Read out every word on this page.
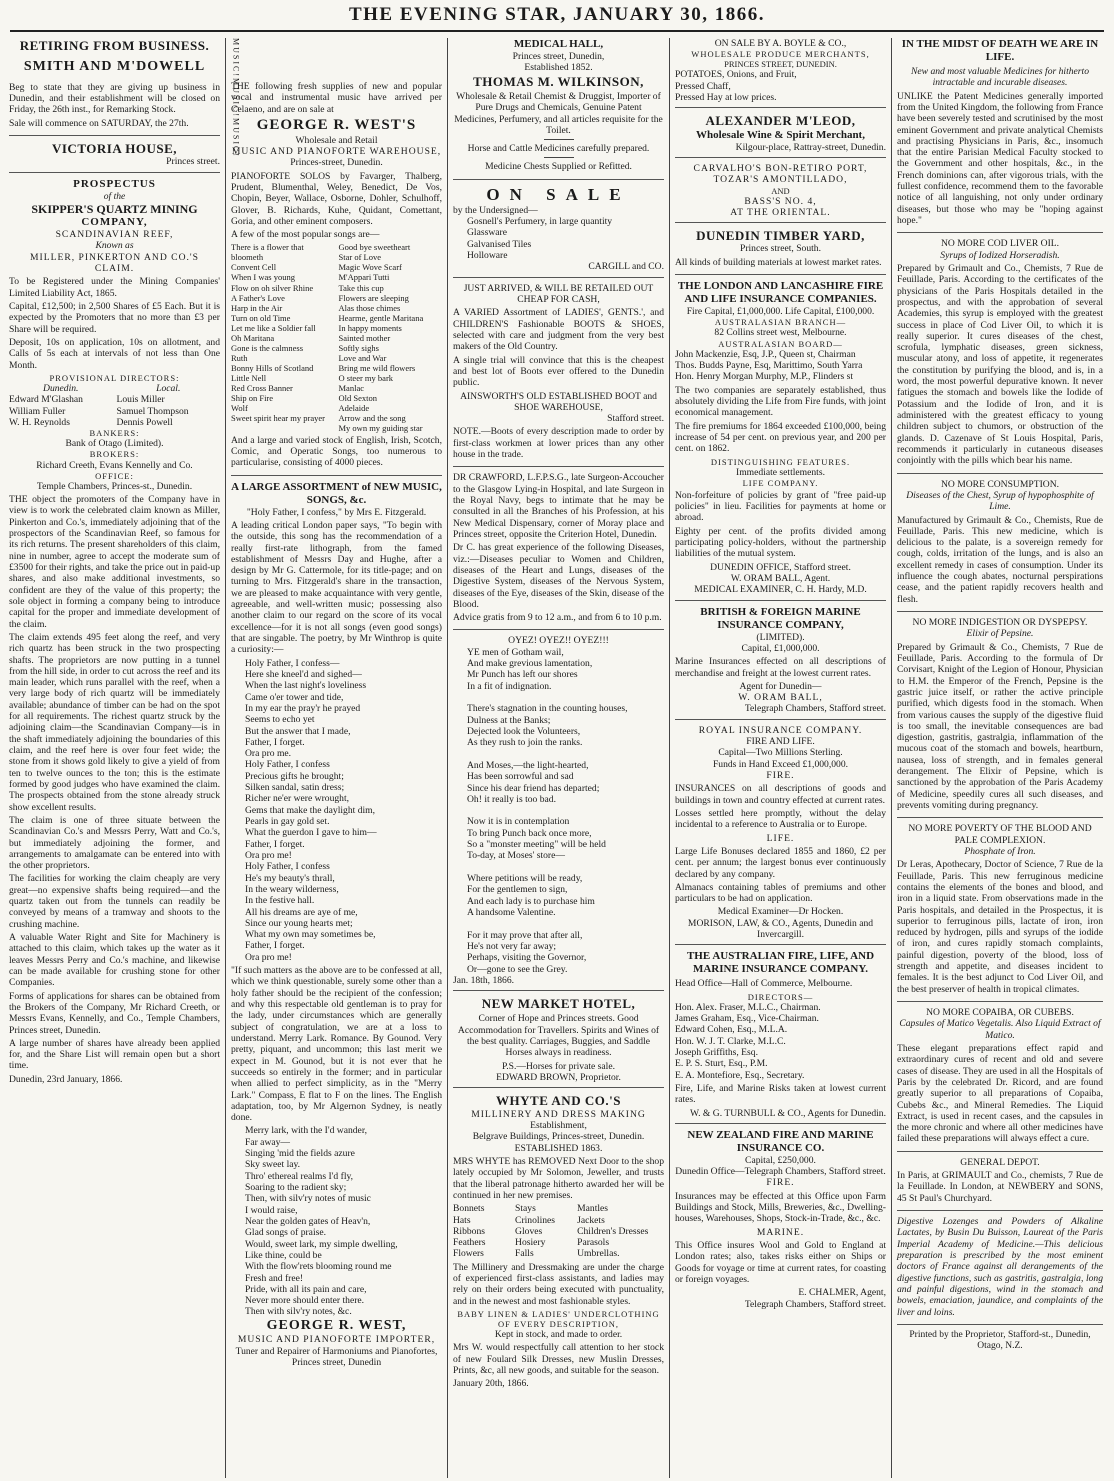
THE EVENING STAR, JANUARY 30, 1866.
RETIRING FROM BUSINESS.
SMITH AND M'DOWELL

Beg to state that they are giving up business in Dunedin, and their establishment will be closed on Friday, the 26th inst., for Remarking Stock.

Sale will commence on SATURDAY, the 27th.

VICTORIA HOUSE,
Princes street.
PROSPECTUS
of the
SKIPPER'S QUARTZ MINING
COMPANY,
SCANDINAVIAN REEF,
Known as
MILLER, PINKERTON AND CO.'S CLAIM.

To be Registered under the Mining Companies' Limited Liability Act, 1865.

Capital, £12,500; in 2,500 Shares of £5 Each. But it is expected by the Promoters that no more than £3 per Share will be required.

Deposit, 10s on application, 10s on allotment, and Calls of 5s each at intervals of not less than One Month.

PROVISIONAL DIRECTORS:
Dunedin.
Edward M'Glashan
William Fuller
W. H. Reynolds
Local.
Louis Miller
Samuel Thompson
Dennis Powell
BANKERS:
Bank of Otago (Limited).
BROKERS:
Richard Creeth, Evans Kennelly and Co.
OFFICE:
Temple Chambers, Princes-st., Dunedin.

THE object the promoters of the Company have in view is to work the celebrated claim known as Miller, Pinkerton and Co.'s, immediately adjoining that of the prospectors of the Scandinavian Reef, so famous for its rich returns. The present shareholders of this claim, nine in number, agree to accept the moderate sum of £3500 for their rights, and take the price out in paid-up shares, and also make additional investments, so confident are they of the value of this property; the sole object in forming a company being to introduce capital for the proper and immediate development of the claim.

The claim extends 495 feet along the reef, and very rich quartz has been struck in the two prospecting shafts. The proprietors are now putting in a tunnel from the hill side, in order to cut across the reef and its main leader, which runs parallel with the reef, when a very large body of rich quartz will be immediately available; abundance of timber can be had on the spot for all requirements. The richest quartz struck by the adjoining claim—the Scandinavian Company—is in the shaft immediately adjoining the boundaries of this claim, and the reef here is over four feet wide; the stone from it shows gold likely to give a yield of from ten to twelve ounces to the ton; this is the estimate formed by good judges who have examined the claim. The prospects obtained from the stone already struck show excellent results.

The claim is one of three situate between the Scandinavian Co.'s and Messrs Perry, Watt and Co.'s, but immediately adjoining the former, and arrangements to amalgamate can be entered into with the other proprietors.

The facilities for working the claim cheaply are very great—no expensive shafts being required—and the quartz taken out from the tunnels can readily be conveyed by means of a tramway and shoots to the crushing machine.

A valuable Water Right and Site for Machinery is attached to this claim, which takes up the water as it leaves Messrs Perry and Co.'s machine, and likewise can be made available for crushing stone for other Companies.

Forms of applications for shares can be obtained from the Brokers of the Company, Mr Richard Creeth, or Messrs Evans, Kennelly, and Co., Temple Chambers, Princes street, Dunedin.

A large number of shares have already been applied for, and the Share List will remain open but a short time.

Dunedin, 23rd January, 1866.
MUSIC!
MUSIC!
MUSIC!

THE following fresh supplies of new and popular vocal and instrumental music have arrived per Celaeno, and are on sale at

GEORGE R. WEST'S
Wholesale and Retail
MUSIC AND PIANOFORTE WAREHOUSE,
Princes-street, Dunedin.

PIANOFORTE SOLOS by Favarger, Thalberg, Prudent, Blumenthal, Weley, Benedict, De Vos, Chopin, Beyer, Wallace, Osborne, Dohler, Schulhoff, Glover, B. Richards, Kuhe, Quidant, Comettant, Goria, and other eminent composers.

A few of the most popular songs are—

There is a flower that bloometh
Convent Cell
When I was young
Flow on oh silver Rhine
A Father's Love
Harp in the Air
Turn on old Time
Let me like a Soldier fall
Oh Maritana
Gone is the calmness
Ruth
Bonny Hills of Scotland
Little Nell
Red Cross Banner
Ship on Fire
Wolf
Sweet spirit hear my prayer
Good bye sweetheart
Star of Love
Magic Wove Scarf
M'Appari Tutti
Take this cup
Flowers are sleeping
Alas those chimes
Hearme, gentle Maritana
In happy moments
Sainted mother
Softly sighs
Love and War
Bring me wild flowers
O steer my bark
Manlac
Old Sexton
Adelaide
Arrow and the song
My own my guiding star

And a large and varied stock of English, Irish, Scotch, Comic, and Operatic Songs, too numerous to particularise, consisting of 4000 pieces.

A LARGE ASSORTMENT of NEW MUSIC, SONGS, &c.
"Holy Father, I confess," by Mrs E. Fitzgerald.

A leading critical London paper says, "To begin with the outside, this song has the recommendation of a really first-rate lithograph, from the famed establishment of Messrs Day and Hughe, after a design by Mr G. Cattermole, for its title-page; and on turning to Mrs. Fitzgerald's share in the transaction, we are pleased to make acquaintance with very gentle, agreeable, and well-written music; possessing also another claim to our regard on the score of its vocal excellence—for it is not all songs (even good songs) that are singable. The poetry, by Mr Winthrop is quite a curiosity:—

Holy Father, I confess—
Here she kneel'd and sighed—
When the last night's loveliness
Came o'er tower and tide,
In my ear the pray'r he prayed
Seems to echo yet
But the answer that I made,
Father, I forget.
Ora pro me.
Holy Father, I confess
Precious gifts he brought;
Silken sandal, satin dress;
Richer ne'er were wrought,
Gems that make the daylight dim,
Pearls in gay gold set.
What the guerdon I gave to him—
Father, I forget.
Ora pro me!
Holy Father, I confess
He's my beauty's thrall,
In the weary wilderness,
In the festive hall.
All his dreams are aye of me,
Since our young hearts met;
What my own may sometimes be,
Father, I forget.
Ora pro me!

"If such matters as the above are to be confessed at all, which we think questionable, surely some other than a holy father should be the recipient of the confession; and why this respectable old gentleman is to pray for the lady, under circumstances which are generally subject of congratulation, we are at a loss to understand. Merry Lark. Romance. By Gounod. Very pretty, piquant, and uncommon; this last merit we expect in M. Gounod, but it is not ever that he succeeds so entirely in the former; and in particular when allied to perfect simplicity, as in the "Merry Lark." Compass, E flat to F on the lines. The English adaptation, too, by Mr Algernon Sydney, is neatly done.

Merry lark, with the I'd wander,
Far away—
Singing 'mid the fields azure
Sky sweet lay.
Thro' ethereal realms I'd fly,
Soaring to the radient sky;
Then, with silv'ry notes of music
I would raise,
Near the golden gates of Heav'n,
Glad songs of praise.
Would, sweet lark, my simple dwelling,
Like thine, could be
With the flow'rets blooming round me
Fresh and free!
Pride, with all its pain and care,
Never more should enter there.
Then with silv'ry notes, &c.
GEORGE R. WEST,
MUSIC AND PIANOFORTE IMPORTER,
Tuner and Repairer of Harmoniums and Pianofortes,
Princes street, Dunedin
MEDICAL HALL,
Princes street, Dunedin,
Established 1852.
THOMAS M. WILKINSON,

Wholesale & Retail Chemist & Druggist, Importer of Pure Drugs and Chemicals, Genuine Patent Medicines, Perfumery, and all articles requisite for the Toilet.

Horse and Cattle Medicines carefully prepared.

Medicine Chests Supplied or Refitted.

ON SALE
by the Undersigned—
Gosnell's Perfumery, in large quantity
Glassware
Galvanised Tiles
Holloware
CARGILL and CO.
JUST ARRIVED, & WILL BE RETAILED OUT CHEAP FOR CASH,

A VARIED Assortment of LADIES', GENTS.', and CHILDREN'S Fashionable BOOTS & SHOES, selected with care and judgment from the very best makers of the Old Country.

A single trial will convince that this is the cheapest and best lot of Boots ever offered to the Dunedin public.

AINSWORTH'S OLD ESTABLISHED BOOT and SHOE WAREHOUSE,
Stafford street.

NOTE.—Boots of every description made to order by first-class workmen at lower prices than any other house in the trade.

DR CRAWFORD, L.F.P.S.G., late Surgeon-Accoucher to the Glasgow Lying-in Hospital, and late Surgeon in the Royal Navy, begs to intimate that he may be consulted in all the Branches of his Profession, at his New Medical Dispensary, corner of Moray place and Princes street, opposite the Criterion Hotel, Dunedin.

Dr C. has great experience of the following Diseases, viz.:—Diseases peculiar to Women and Children, diseases of the Heart and Lungs, diseases of the Digestive System, diseases of the Nervous System, diseases of the Eye, diseases of the Skin, disease of the Blood.

Advice gratis from 9 to 12 a.m., and from 6 to 10 p.m.

OYEZ! OYEZ!! OYEZ!!!
YE men of Gotham wail,
And make grevious lamentation,
Mr Punch has left our shores
In a fit of indignation.

There's stagnation in the counting houses,
Dulness at the Banks;
Dejected look the Volunteers,
As they rush to join the ranks.

And Moses,—the light-hearted,
Has been sorrowful and sad
Since his dear friend has departed;
Oh! it really is too bad.

Now it is in contemplation
To bring Punch back once more,
So a "monster meeting" will be held
To-day, at Moses' store—

Where petitions will be ready,
For the gentlemen to sign,
And each lady is to purchase him
A handsome Valentine.

For it may prove that after all,
He's not very far away;
Perhaps, visiting the Governor,
Or—gone to see the Grey.
Jan. 18th, 1866.
NEW MARKET HOTEL,

Corner of Hope and Princes streets. Good Accommodation for Travellers. Spirits and Wines of the best quality. Carriages, Buggies, and Saddle Horses always in readiness.

P.S.—Horses for private sale.
EDWARD BROWN, Proprietor.
WHYTE AND CO.'S
MILLINERY AND DRESS MAKING
Establishment,
Belgrave Buildings, Princes-street, Dunedin.
ESTABLISHED 1863.

MRS WHYTE has REMOVED Next Door to the shop lately occupied by Mr Solomon, Jeweller, and trusts that the liberal patronage hitherto awarded her will be continued in her new premises.

Bonnets
Hats
Ribbons
Feathers
Flowers
Stays
Crinolines
Gloves
Hosiery
Falls
Mantles
Jackets
Children's Dresses
Parasols
Umbrellas.

The Millinery and Dressmaking are under the charge of experienced first-class assistants, and ladies may rely on their orders being executed with punctuality, and in the newest and most fashionable styles.

BABY LINEN & LADIES' UNDERCLOTHING OF EVERY DESCRIPTION,
Kept in stock, and made to order.

Mrs W. would respectfully call attention to her stock of new Foulard Silk Dresses, new Muslin Dresses, Prints, &c, all new goods, and suitable for the season.

January 20th, 1866.
ON SALE BY A. BOYLE & CO.,
WHOLESALE PRODUCE MERCHANTS,
PRINCES STREET, DUNEDIN.
POTATOES, Onions, and Fruit,
Pressed Chaff,
Pressed Hay at low prices.
ALEXANDER M'LEOD,
Wholesale Wine & Spirit Merchant,
Kilgour-place, Rattray-street, Dunedin.
CARVALHO'S BON-RETIRO PORT,
TOZAR'S AMONTILLADO,
AND
BASS'S NO. 4,
AT THE ORIENTAL.
DUNEDIN TIMBER YARD,
Princes street, South.

All kinds of building materials at lowest market rates.

THE LONDON AND LANCASHIRE FIRE AND LIFE INSURANCE COMPANIES.
Fire Capital, £1,000,000. Life Capital, £100,000.
AUSTRALASIAN BRANCH—
82 Collins street west, Melbourne.
AUSTRALASIAN BOARD—
John Mackenzie, Esq, J.P., Queen st, Chairman
Thos. Budds Payne, Esq, Marittimo, South Yarra
Hon. Henry Morgan Murphy, M.P., Flinders st

The two companies are separately established, thus absolutely dividing the Life from Fire funds, with joint economical management.

The fire premiums for 1864 exceeded £100,000, being increase of 54 per cent. on previous year, and 200 per cent. on 1862.

DISTINGUISHING FEATURES.
Immediate settlements.
LIFE COMPANY.

Non-forfeiture of policies by grant of "free paid-up policies" in lieu. Facilities for payments at home or abroad.

Eighty per cent. of the profits divided among participating policy-holders, without the partnership liabilities of the mutual system.

DUNEDIN OFFICE, Stafford street.
W. ORAM BALL, Agent.
MEDICAL EXAMINER, C. H. Hardy, M.D.
BRITISH & FOREIGN MARINE INSURANCE COMPANY,
(LIMITED).
Capital, £1,000,000.

Marine Insurances effected on all descriptions of merchandise and freight at the lowest current rates.

Agent for Dunedin—
W. ORAM BALL,
Telegraph Chambers, Stafford street.
ROYAL INSURANCE COMPANY.
FIRE AND LIFE.
Capital—Two Millions Sterling.
Funds in Hand Exceed £1,000,000.
FIRE.

INSURANCES on all descriptions of goods and buildings in town and country effected at current rates.

Losses settled here promptly, without the delay incidental to a reference to Australia or to Europe.

LIFE.

Large Life Bonuses declared 1855 and 1860, £2 per cent. per annum; the largest bonus ever continuously declared by any company.

Almanacs containing tables of premiums and other particulars to be had on application.

Medical Examiner—Dr Hocken.
MORISON, LAW, & CO., Agents, Dunedin and Invercargill.
THE AUSTRALIAN FIRE, LIFE, AND MARINE INSURANCE COMPANY.

Head Office—Hall of Commerce, Melbourne.

DIRECTORS—
Hon. Alex. Fraser, M.L.C., Chairman.
James Graham, Esq., Vice-Chairman.
Edward Cohen, Esq., M.L.A.
Hon. W. J. T. Clarke, M.L.C.
Joseph Griffiths, Esq.
E. P. S. Sturt, Esq., P.M.
E. A. Montefiore, Esq., Secretary.

Fire, Life, and Marine Risks taken at lowest current rates.

W. & G. TURNBULL & CO., Agents for Dunedin.
NEW ZEALAND FIRE AND MARINE INSURANCE CO.
Capital, £250,000.
Dunedin Office—Telegraph Chambers, Stafford street.
FIRE.

Insurances may be effected at this Office upon Farm Buildings and Stock, Mills, Breweries, &c., Dwelling-houses, Warehouses, Shops, Stock-in-Trade, &c., &c.

MARINE.

This Office insures Wool and Gold to England at London rates; also, takes risks either on Ships or Goods for voyage or time at current rates, for coasting or foreign voyages.

E. CHALMER, Agent,
Telegraph Chambers, Stafford street.
IN THE MIDST OF DEATH WE ARE IN LIFE.

New and most valuable Medicines for hitherto intractable and incurable diseases.

UNLIKE the Patent Medicines generally imported from the United Kingdom, the following from France have been severely tested and scrutinised by the most eminent Government and private analytical Chemists and practising Physicians in Paris, &c., insomuch that the entire Parisian Medical Faculty stocked to the Government and other hospitals, &c., in the French dominions can, after vigorous trials, with the fullest confidence, recommend them to the favorable notice of all languishing, not only under ordinary diseases, but those who may be "hoping against hope."

NO MORE COD LIVER OIL.
Syrups of Iodized Horseradish.

Prepared by Grimault and Co., Chemists, 7 Rue de Feuillade, Paris. According to the certificates of the physicians of the Paris Hospitals detailed in the prospectus, and with the approbation of several Academies, this syrup is employed with the greatest success in place of Cod Liver Oil, to which it is really superior. It cures diseases of the chest, scrofula, lymphatic diseases, green sickness, muscular atony, and loss of appetite, it regenerates the constitution by purifying the blood, and is, in a word, the most powerful depurative known. It never fatigues the stomach and bowels like the Iodide of Potassium and the Iodide of Iron, and it is administered with the greatest efficacy to young children subject to chumors, or obstruction of the glands. D. Cazenave of St Louis Hospital, Paris, recommends it particularly in cutaneous diseases conjointly with the pills which bear his name.

NO MORE CONSUMPTION.
Diseases of the Chest, Syrup of hypophosphite of Lime.

Manufactured by Grimault & Co., Chemists, Rue de Feuillade, Paris. This new medicine, which is delicious to the palate, is a sovereign remedy for cough, colds, irritation of the lungs, and is also an excellent remedy in cases of consumption. Under its influence the cough abates, nocturnal perspirations cease, and the patient rapidly recovers health and flesh.

NO MORE INDIGESTION OR DYSPEPSY.
Elixir of Pepsine.

Prepared by Grimault & Co., Chemists, 7 Rue de Feuillade, Paris. According to the formula of Dr Corvisart, Knight of the Legion of Honour, Physician to H.M. the Emperor of the French, Pepsine is the gastric juice itself, or rather the active principle purified, which digests food in the stomach. When from various causes the supply of the digestive fluid is too small, the inevitable consequences are bad digestion, gastritis, gastralgia, inflammation of the mucous coat of the stomach and bowels, heartburn, nausea, loss of strength, and in females general derangement. The Elixir of Pepsine, which is sanctioned by the approbation of the Paris Academy of Medicine, speedily cures all such diseases, and prevents vomiting during pregnancy.

NO MORE POVERTY OF THE BLOOD AND PALE COMPLEXION.
Phosphate of Iron.

Dr Leras, Apothecary, Doctor of Science, 7 Rue de la Feuillade, Paris. This new ferruginous medicine contains the elements of the bones and blood, and iron in a liquid state. From observations made in the Paris hospitals, and detailed in the Prospectus, it is superior to ferruginous pills, lactate of iron, iron reduced by hydrogen, pills and syrups of the iodide of iron, and cures rapidly stomach complaints, painful digestion, poverty of the blood, loss of strength and appetite, and diseases incident to females. It is the best adjunct to Cod Liver Oil, and the best preserver of health in tropical climates.

NO MORE COPAIBA, OR CUBEBS.
Capsules of Matico Vegetalis. Also Liquid Extract of Matico.

These elegant preparations effect rapid and extraordinary cures of recent and old and severe cases of disease. They are used in all the Hospitals of Paris by the celebrated Dr. Ricord, and are found greatly superior to all preparations of Copaiba, Cubebs &c., and Mineral Remedies. The Liquid Extract, is used in recent cases, and the capsules in the more chronic and where all other medicines have failed these preparations will always effect a cure.

GENERAL DEPOT.

In Paris, at GRIMAULT and Co., chemists, 7 Rue de la Feuillade. In London, at NEWBERY and SONS, 45 St Paul's Churchyard.

Digestive Lozenges and Powders of Alkaline Lactates, by Busin Du Buisson, Laureat of the Paris Imperial Academy of Medicine.—This delicious preparation is prescribed by the most eminent doctors of France against all derangements of the digestive functions, such as gastritis, gastralgia, long and painful digestions, wind in the stomach and bowels, emaciation, jaundice, and complaints of the liver and loins.

Printed by the Proprietor, Stafford-st., Dunedin, Otago, N.Z.
